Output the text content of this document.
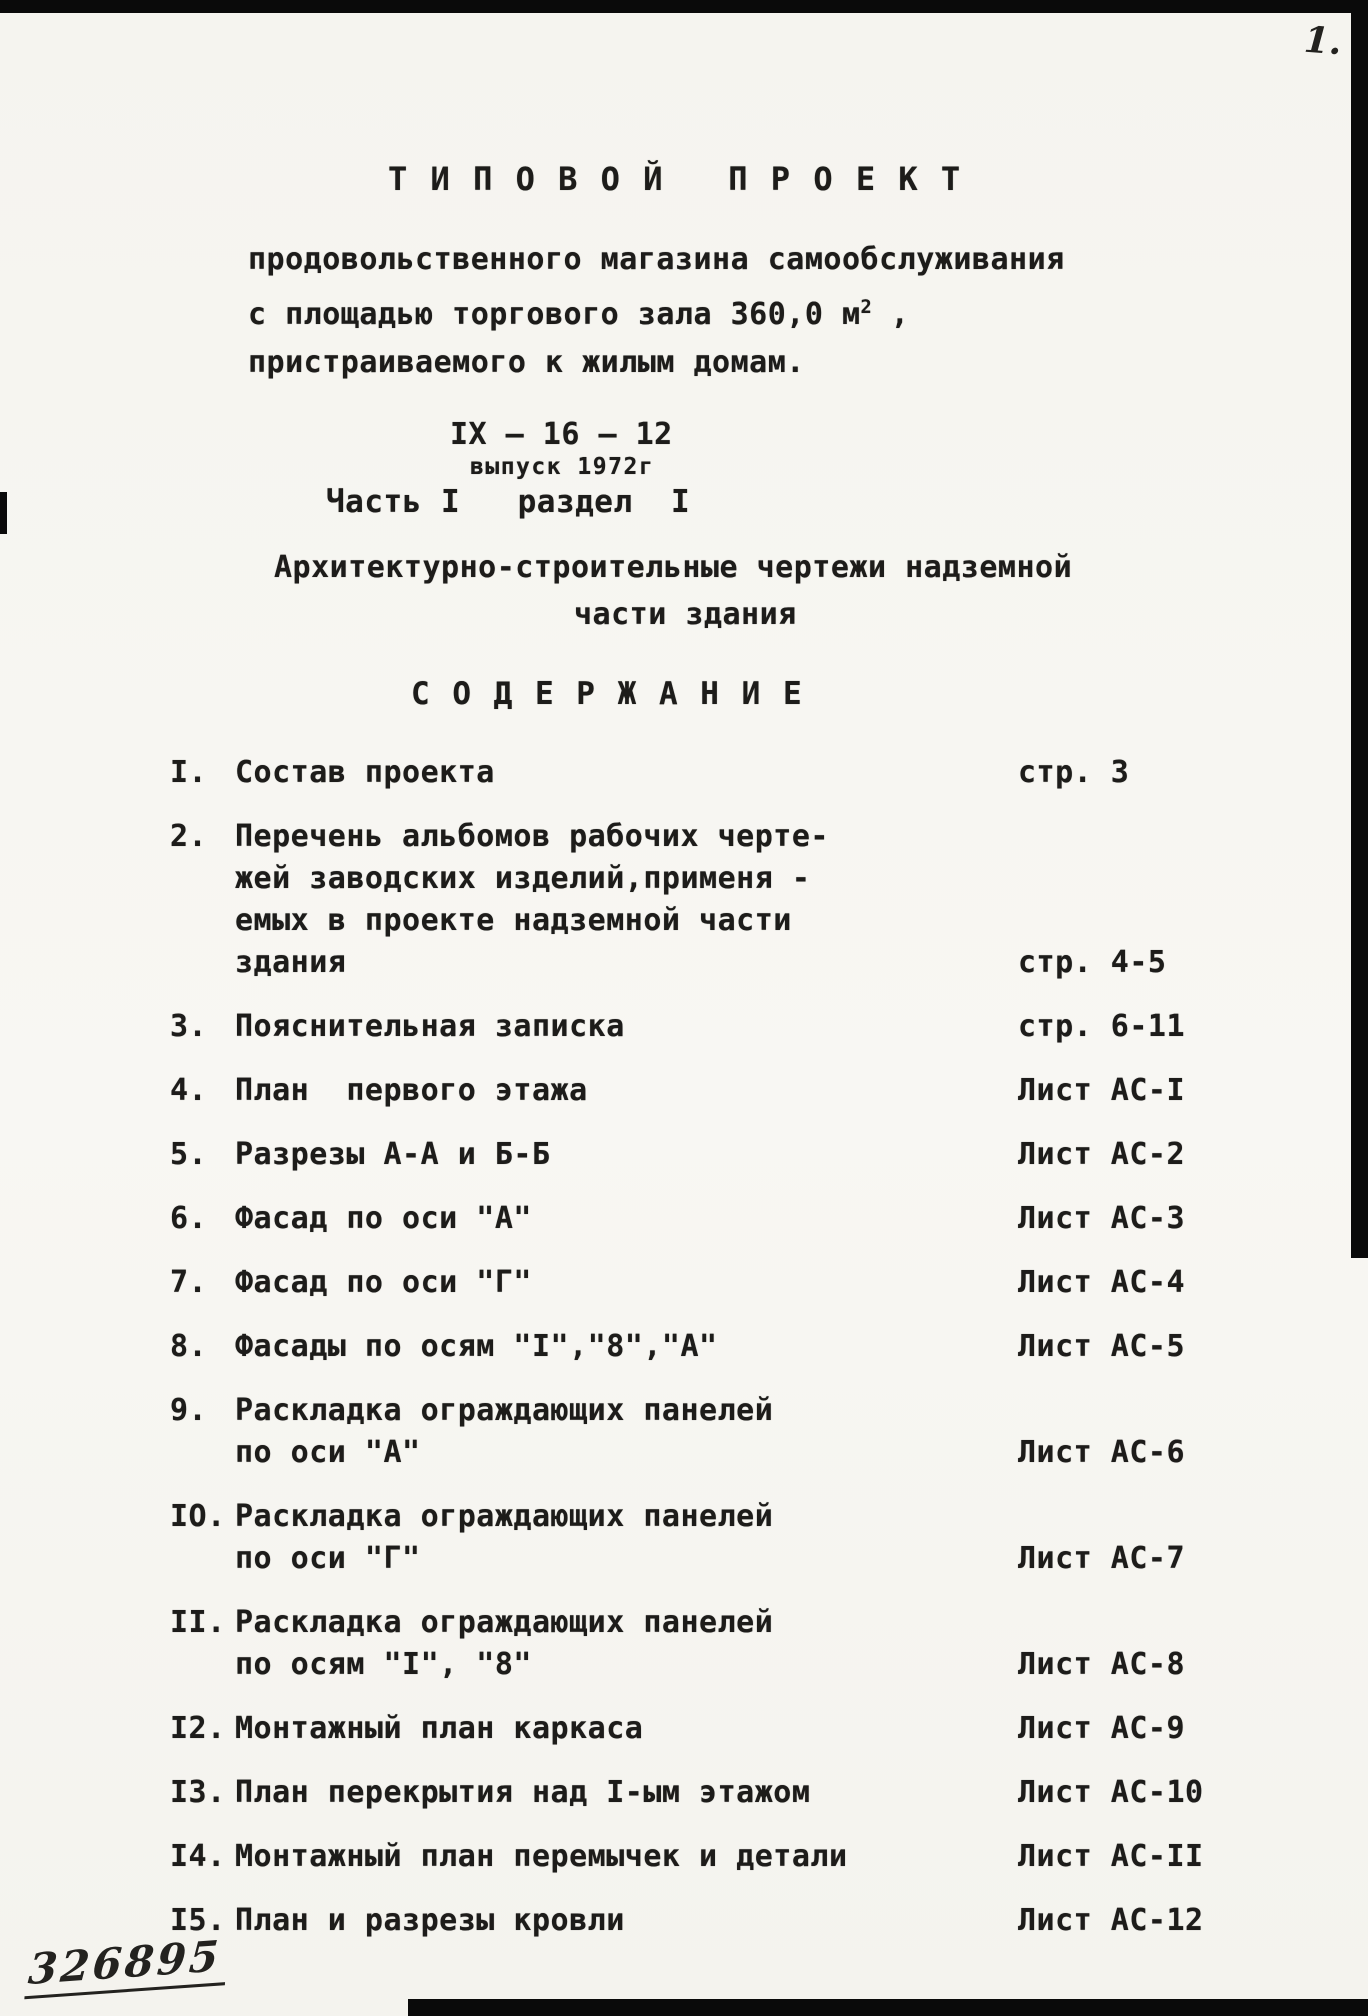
1.
326895
Т И П О В О Й   П Р О Е К Т
продовольственного магазина самообслуживания
с площадью торгового зала 360,0 $м^2$ ,
пристраиваемого к жилым домам.
IX – 16 – 12
выпуск 1972г
Часть I   раздел  I
Архитектурно-строительные чертежи надземной
части здания
С О Д Е Р Ж А Н И Е
I. Состав проекта	стр. 3
2. Перечень альбомов рабочих черте-
жей заводских изделий,применя -
емых в проекте надземной части
здания	стр. 4-5
3. Пояснительная записка	стр. 6-11
4. План  первого этажа	Лист АС-I
5. Разрезы А-А и Б-Б	Лист АС-2
6. Фасад по оси "А"	Лист АС-3
7. Фасад по оси "Г"	Лист АС-4
8. Фасады по осям "I","8","А"	Лист АС-5
9. Раскладка ограждающих панелей
по оси "А"	Лист АС-6
IO. Раскладка ограждающих панелей
по оси "Г"	Лист АС-7
II. Раскладка ограждающих панелей
по осям "I", "8"	Лист АС-8
I2. Монтажный план каркаса	Лист АС-9
I3. План перекрытия над I-ым этажом	Лист АС-10
I4. Монтажный план перемычек и детали	Лист АС-II
I5. План и разрезы кровли	Лист АС-12
